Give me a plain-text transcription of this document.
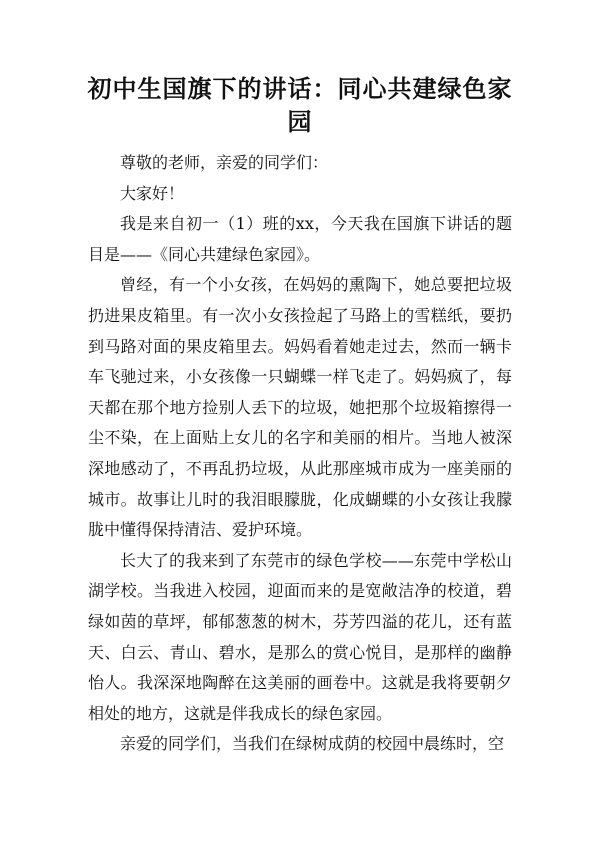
初中生国旗下的讲话：同心共建绿色家园

尊敬的老师，亲爱的同学们：

大家好！

我是来自初一（1）班的xx，今天我在国旗下讲话的题目是——《同心共建绿色家园》。

曾经，有一个小女孩，在妈妈的熏陶下，她总要把垃圾扔进果皮箱里。有一次小女孩捡起了马路上的雪糕纸，要扔到马路对面的果皮箱里去。妈妈看着她走过去，然而一辆卡车飞驰过来，小女孩像一只蝴蝶一样飞走了。妈妈疯了，每天都在那个地方捡别人丢下的垃圾，她把那个垃圾箱擦得一尘不染，在上面贴上女儿的名字和美丽的相片。当地人被深深地感动了，不再乱扔垃圾，从此那座城市成为一座美丽的城市。故事让儿时的我泪眼朦胧，化成蝴蝶的小女孩让我朦胧中懂得保持清洁、爱护环境。

长大了的我来到了东莞市的绿色学校——东莞中学松山湖学校。当我进入校园，迎面而来的是宽敞洁净的校道，碧绿如茵的草坪，郁郁葱葱的树木，芬芳四溢的花儿，还有蓝天、白云、青山、碧水，是那么的赏心悦目，是那样的幽静怡人。我深深地陶醉在这美丽的画卷中。这就是我将要朝夕相处的地方，这就是伴我成长的绿色家园。

亲爱的同学们，当我们在绿树成荫的校园中晨练时，空
